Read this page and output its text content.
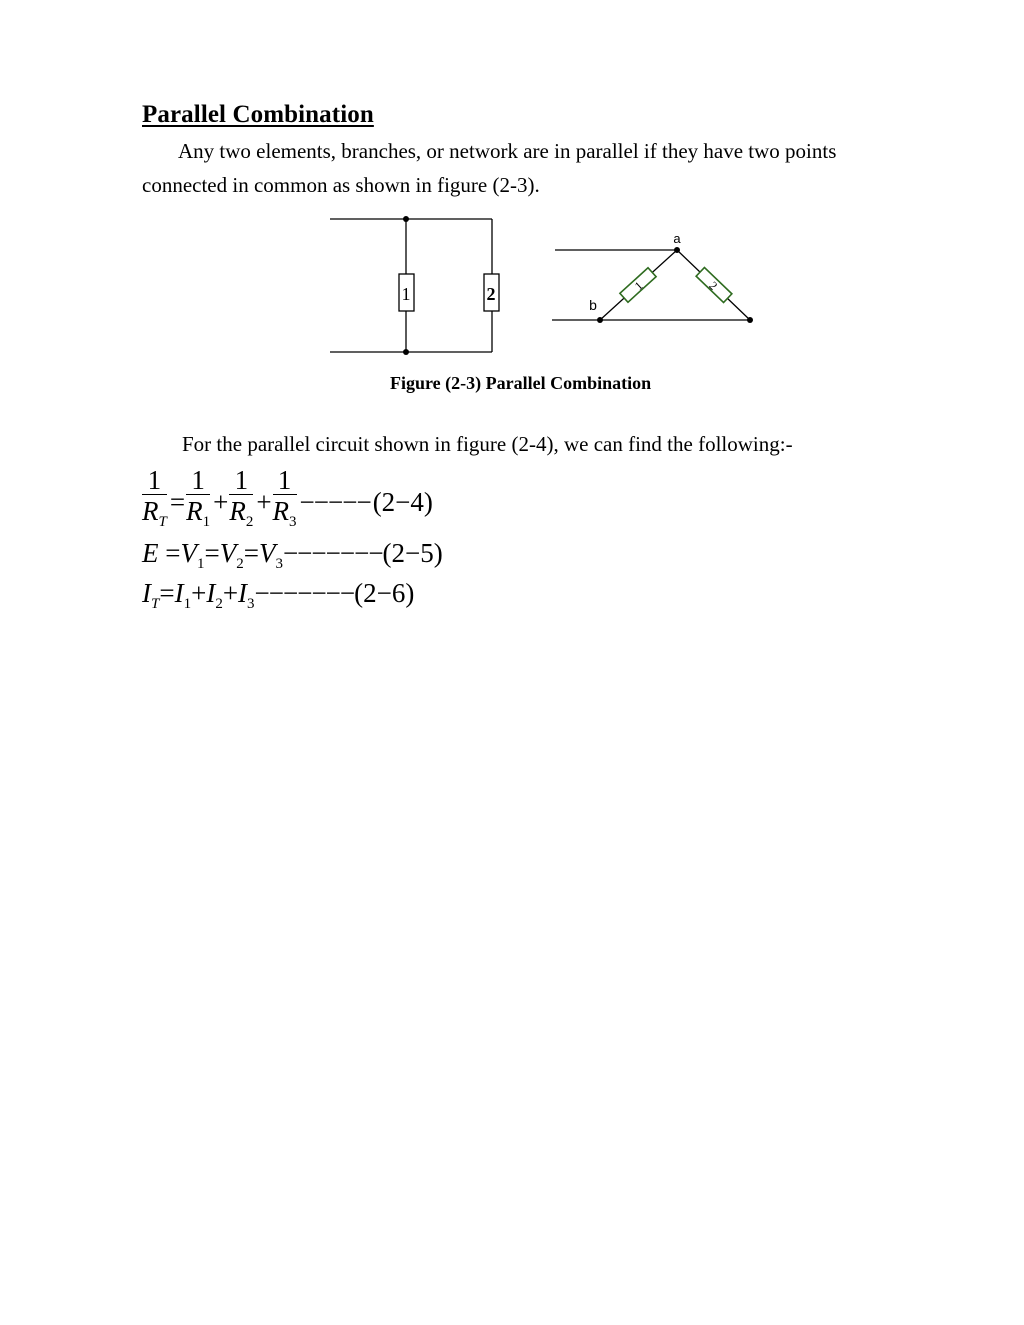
Parallel Combination
Any two elements, branches, or network are in parallel if they have two points
connected in common as shown in figure (2-3).
1	2	1	2
a
b
Figure (2-3) Parallel Combination
For the parallel circuit shown in figure (2-4), we can find the following:-
$\frac{1}{R_T} = \frac{1}{R_1} + \frac{1}{R_2} + \frac{1}{R_3} -----(2-4)$
$E =V_1=V_2=V_3-------(2-5)$
$I_T=I_1+I_2+I_3-------(2-6)$
